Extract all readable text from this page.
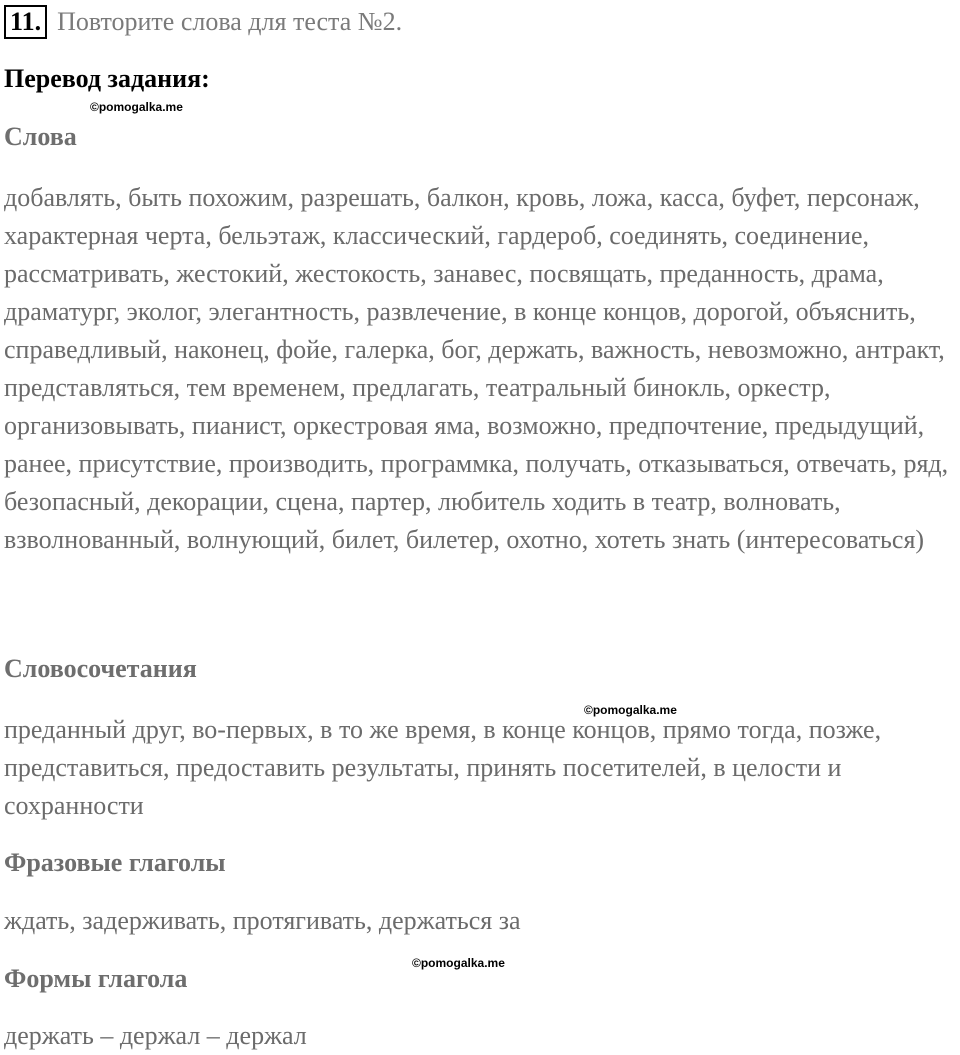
11. Повторите слова для теста №2.
Перевод задания:
©pomogalka.me
Слова

добавлять, быть похожим, разрешать, балкон, кровь, ложа, касса, буфет, персонаж, характерная черта, бельэтаж, классический, гардероб, соединять, соединение, рассматривать, жестокий, жестокость, занавес, посвящать, преданность, драма, драматург, эколог, элегантность, развлечение, в конце концов, дорогой, объяснить, справедливый, наконец, фойе, галерка, бог, держать, важность, невозможно, антракт, представляться, тем временем, предлагать, театральный бинокль, оркестр, организовывать, пианист, оркестровая яма, возможно, предпочтение, предыдущий, ранее, присутствие, производить, программка, получать, отказываться, отвечать, ряд, безопасный, декорации, сцена, партер, любитель ходить в театр, волновать, взволнованный, волнующий, билет, билетер, охотно, хотеть знать (интересоваться)

Словосочетания
©pomogalka.me

преданный друг, во-первых, в то же время, в конце концов, прямо тогда, позже, представиться, предоставить результаты, принять посетителей, в целости и сохранности

Фразовые глаголы

ждать, задерживать, протягивать, держаться за

©pomogalka.me
Формы глагола

держать – держал – держал
